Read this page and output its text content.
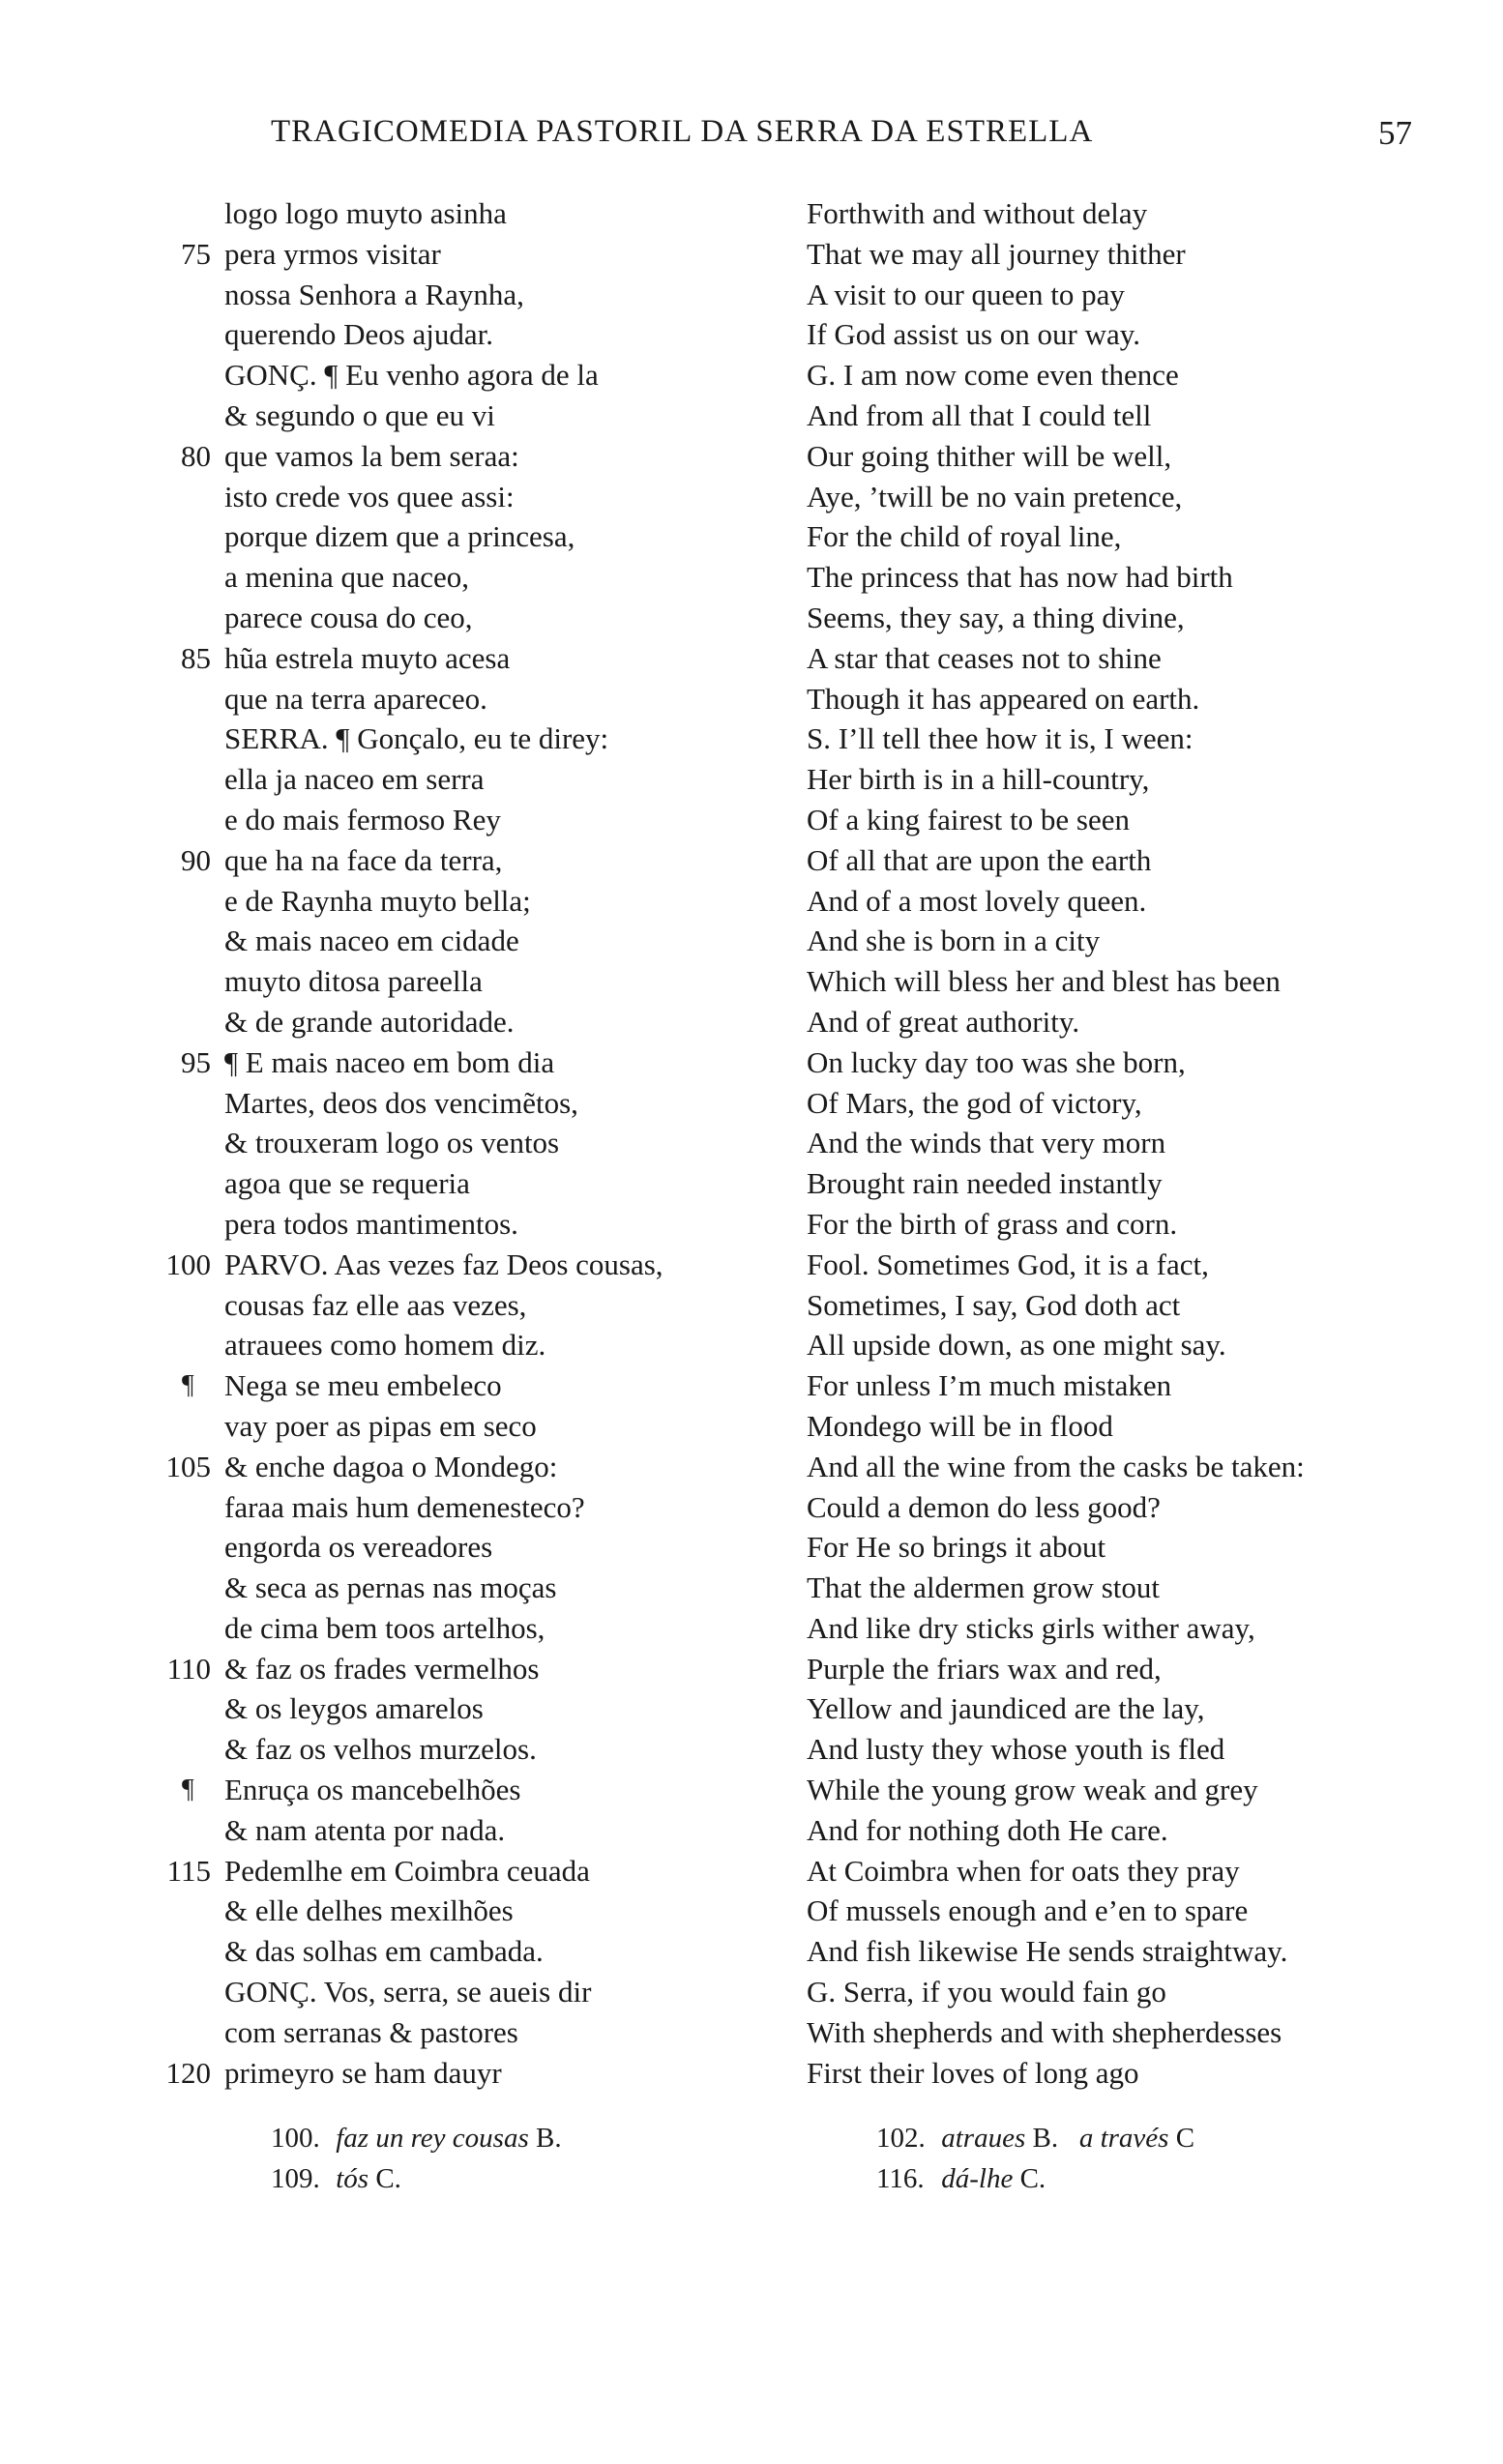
TRAGICOMEDIA PASTORIL DA SERRA DA ESTRELLA	57
logo logo muyto asinha
75 pera yrmos visitar
nossa Senhora a Raynha,
querendo Deos ajudar.
GONÇ. ¶ Eu venho agora de la
& segundo o que eu vi
80 que vamos la bem seraa:
isto crede vos quee assi:
porque dizem que a princesa,
a menina que naceo,
parece cousa do ceo,
85 hũa estrela muyto acesa
que na terra apareceo.
SERRA. ¶ Gonçalo, eu te direy:
ella ja naceo em serra
e do mais fermoso Rey
90 que ha na face da terra,
e de Raynha muyto bella;
& mais naceo em cidade
muyto ditosa pareella
& de grande autoridade.
95 ¶ E mais naceo em bom dia
Martes, deos dos vencimẽtos,
& trouxeram logo os ventos
agoa que se requeria
pera todos mantimentos.
100 PARVO. Aas vezes faz Deos cousas,
cousas faz elle aas vezes,
atrauees como homem diz.
¶ Nega se meu embeleco
vay poer as pipas em seco
105 & enche dagoa o Mondego:
faraa mais hum demenesteco?
engorda os vereadores
& seca as pernas nas moças
de cima bem toos artelhos,
110 & faz os frades vermelhos
& os leygos amarelos
& faz os velhos murzelos.
¶ Enruça os mancebelhões
& nam atenta por nada.
115 Pedemlhe em Coimbra ceuada
& elle delhes mexilhões
& das solhas em cambada.
GONÇ. Vos, serra, se aueis dir
com serranas & pastores
120 primeyro se ham dauyr
Forthwith and without delay
That we may all journey thither
A visit to our queen to pay
If God assist us on our way.
G. I am now come even thence
And from all that I could tell
Our going thither will be well,
Aye, ’twill be no vain pretence,
For the child of royal line,
The princess that has now had birth
Seems, they say, a thing divine,
A star that ceases not to shine
Though it has appeared on earth.
S. I’ll tell thee how it is, I ween:
Her birth is in a hill-country,
Of a king fairest to be seen
Of all that are upon the earth
And of a most lovely queen.
And she is born in a city
Which will bless her and blest has been
And of great authority.
On lucky day too was she born,
Of Mars, the god of victory,
And the winds that very morn
Brought rain needed instantly
For the birth of grass and corn.
Fool. Sometimes God, it is a fact,
Sometimes, I say, God doth act
All upside down, as one might say.
For unless I’m much mistaken
Mondego will be in flood
And all the wine from the casks be taken:
Could a demon do less good?
For He so brings it about
That the aldermen grow stout
And like dry sticks girls wither away,
Purple the friars wax and red,
Yellow and jaundiced are the lay,
And lusty they whose youth is fled
While the young grow weak and grey
And for nothing doth He care.
At Coimbra when for oats they pray
Of mussels enough and e’en to spare
And fish likewise He sends straightway.
G. Serra, if you would fain go
With shepherds and with shepherdesses
First their loves of long ago
100. faz un rey cousas B.	102. atraues B. a través C
109. tós C.	116. dá-lhe C.
